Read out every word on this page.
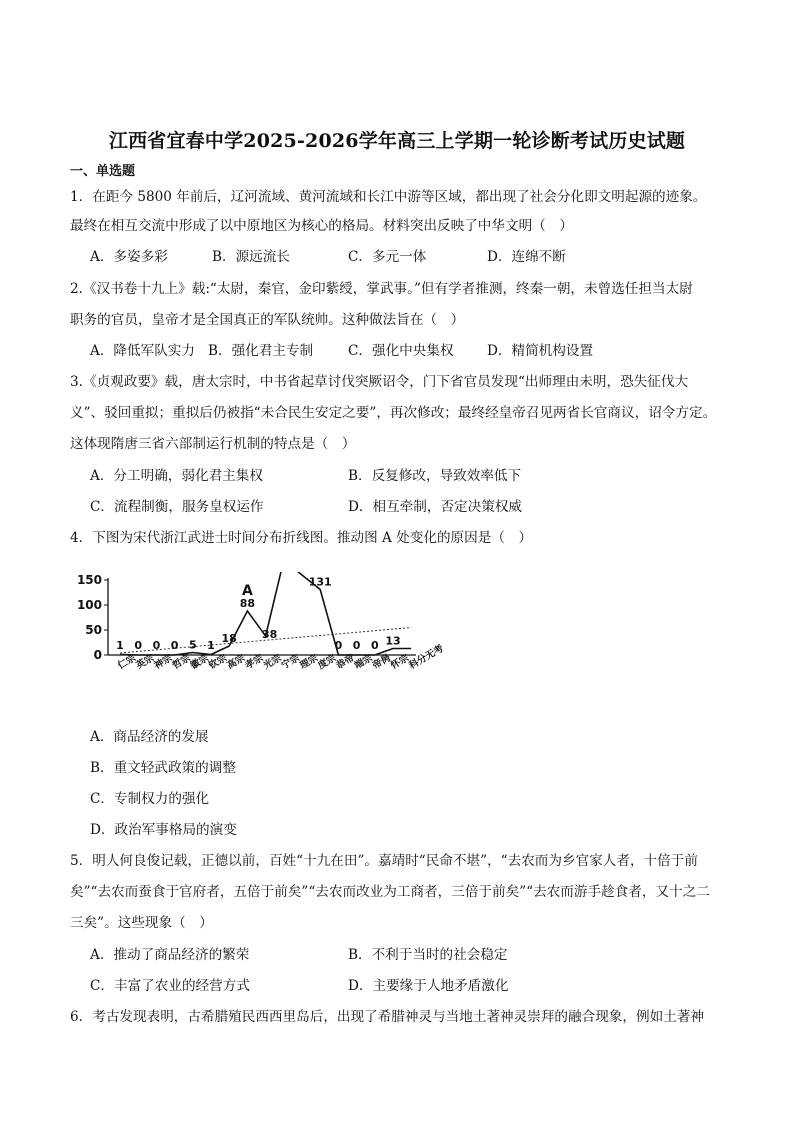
江西省宜春中学2025-2026学年高三上学期一轮诊断考试历史试题
一、单选题
1．在距今 5800 年前后，辽河流域、黄河流域和长江中游等区域，都出现了社会分化即文明起源的迹象。
最终在相互交流中形成了以中原地区为核心的格局。材料突出反映了中华文明（　）
A．多姿多彩	B．源远流长	C．多元一体	D．连绵不断
2.《汉书卷十九上》载:“太尉，秦官，金印紫绶，掌武事。”但有学者推测，终秦一朝，未曾选任担当太尉
职务的官员，皇帝才是全国真正的军队统帅。这种做法旨在（　）
A．降低军队实力 B．强化君主专制	C．强化中央集权 D．精简机构设置
3.《贞观政要》载，唐太宗时，中书省起草讨伐突厥诏令，门下省官员发现“出师理由未明，恐失征伐大
义”、驳回重拟；重拟后仍被指“未合民生安定之要”，再次修改；最终经皇帝召见两省长官商议，诏令方定。
这体现隋唐三省六部制运行机制的特点是（　）
A．分工明确，弱化君主集权	B．反复修改，导致效率低下
C．流程制衡，服务皇权运作	D．相互牵制，否定决策权威
4．下图为宋代浙江武进士时间分布折线图。推动图 A 处变化的原因是（　）
0
50
100
150
1 0 0 0 5 1
18
88
38
131
0 0 0 13
A
仁宗
英宗
神宗
哲宗
徽宗
钦宗
高宗
孝宗
光宗
宁宗
理宗
度宗
恭帝
端宗
帝昺
怀宗
科分无考
A．商品经济的发展
B．重文轻武政策的调整
C．专制权力的强化
D．政治军事格局的演变
5．明人何良俊记载，正德以前，百姓“十九在田”。嘉靖时“民命不堪”，“去农而为乡官家人者，十倍于前
矣”“去农而蚕食于官府者，五倍于前矣”“去农而改业为工商者，三倍于前矣”“去农而游手趁食者，又十之二
三矣”。这些现象（　）
A．推动了商品经济的繁荣	B．不利于当时的社会稳定
C．丰富了农业的经营方式	D．主要缘于人地矛盾激化
6．考古发现表明，古希腊殖民西西里岛后，出现了希腊神灵与当地土著神灵崇拜的融合现象，例如土著神
